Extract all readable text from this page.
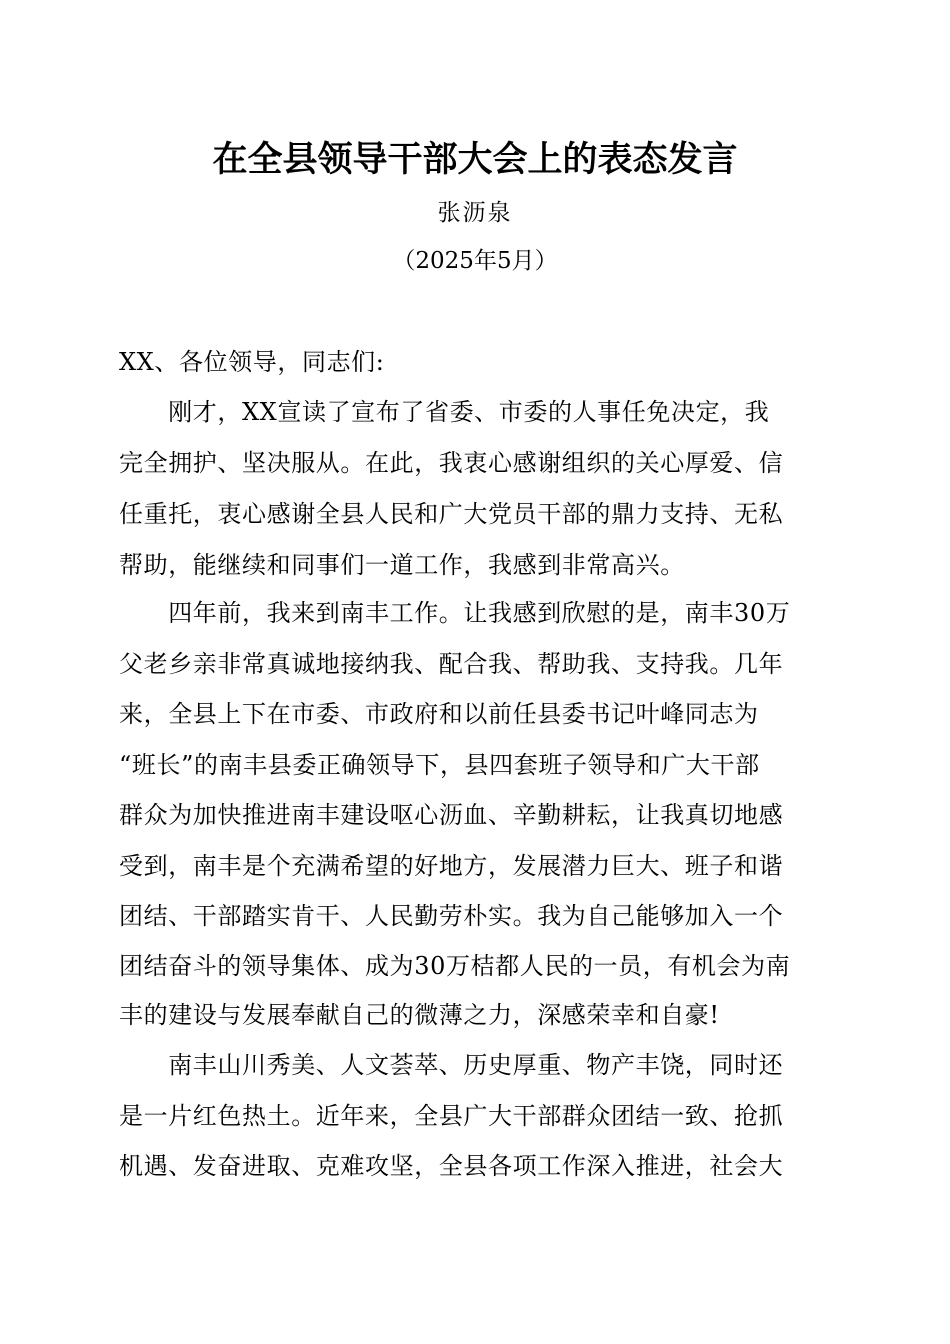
在全县领导干部大会上的表态发言
张沥泉
（2025年5月）
XX、各位领导，同志们:
　　刚才，XX宣读了宣布了省委、市委的人事任免决定，我
完全拥护、坚决服从。在此，我衷心感谢组织的关心厚爱、信
任重托，衷心感谢全县人民和广大党员干部的鼎力支持、无私
帮助，能继续和同事们一道工作，我感到非常高兴。
　　四年前，我来到南丰工作。让我感到欣慰的是，南丰30万
父老乡亲非常真诚地接纳我、配合我、帮助我、支持我。几年
来，全县上下在市委、市政府和以前任县委书记叶峰同志为
“班长”的南丰县委正确领导下，县四套班子领导和广大干部
群众为加快推进南丰建设呕心沥血、辛勤耕耘，让我真切地感
受到，南丰是个充满希望的好地方，发展潜力巨大、班子和谐
团结、干部踏实肯干、人民勤劳朴实。我为自己能够加入一个
团结奋斗的领导集体、成为30万桔都人民的一员，有机会为南
丰的建设与发展奉献自己的微薄之力，深感荣幸和自豪!
　　南丰山川秀美、人文荟萃、历史厚重、物产丰饶，同时还
是一片红色热土。近年来，全县广大干部群众团结一致、抢抓
机遇、发奋进取、克难攻坚，全县各项工作深入推进，社会大
